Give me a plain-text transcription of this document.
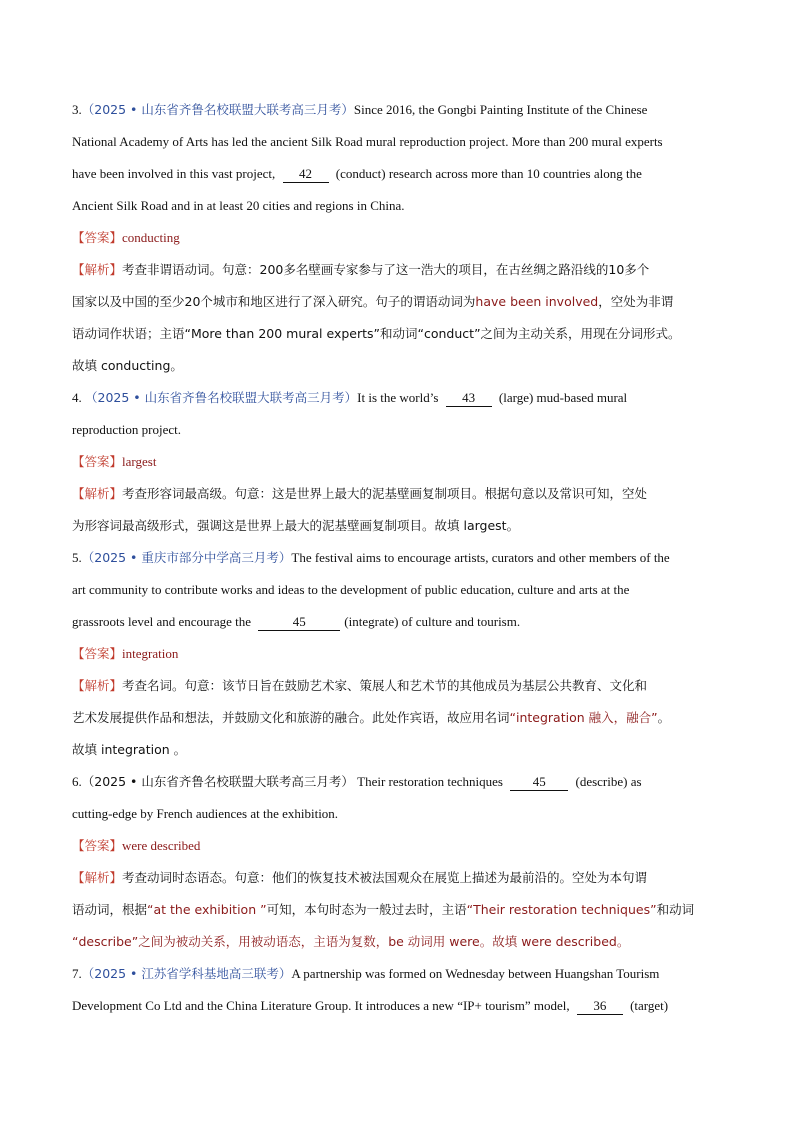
3.（2025 • 山东省齐鲁名校联盟大联考高三月考）Since 2016, the Gongbi Painting Institute of the Chinese
National Academy of Arts has led the ancient Silk Road mural reproduction project. More than 200 mural experts
have been involved in this vast project, 42 (conduct) research across more than 10 countries along the
Ancient Silk Road and in at least 20 cities and regions in China.
【答案】conducting
【解析】考查非谓语动词。句意：200多名壁画专家参与了这一浩大的项目，在古丝绸之路沿线的10多个
国家以及中国的至少20个城市和地区进行了深入研究。句子的谓语动词为have been involved，空处为非谓
语动词作状语；主语“More than 200 mural experts”和动词“conduct”之间为主动关系，用现在分词形式。
故填 conducting。
4. （2025 • 山东省齐鲁名校联盟大联考高三月考）It is the world’s 43 (large) mud-based mural
reproduction project.
【答案】largest
【解析】考查形容词最高级。句意：这是世界上最大的泥基壁画复制项目。根据句意以及常识可知，空处
为形容词最高级形式，强调这是世界上最大的泥基壁画复制项目。故填 largest。
5.（2025 • 重庆市部分中学高三月考）The festival aims to encourage artists, curators and other members of the
art community to contribute works and ideas to the development of public education, culture and arts at the
grassroots level and encourage the	45	(integrate) of culture and tourism.
【答案】integration
【解析】考查名词。句意：该节日旨在鼓励艺术家、策展人和艺术节的其他成员为基层公共教育、文化和
艺术发展提供作品和想法，并鼓励文化和旅游的融合。此处作宾语，故应用名词“integration 融入，融合”。
故填 integration 。
6.（2025 • 山东省齐鲁名校联盟大联考高三月考） Their restoration techniques 45 (describe) as
cutting-edge by French audiences at the exhibition.
【答案】were described
【解析】考查动词时态语态。句意：他们的恢复技术被法国观众在展览上描述为最前沿的。空处为本句谓
语动词，根据“at the exhibition ”可知，本句时态为一般过去时，主语“Their restoration techniques”和动词
“describe”之间为被动关系，用被动语态，主语为复数，be 动词用 were。故填 were described。
7.（2025 • 江苏省学科基地高三联考）A partnership was formed on Wednesday between Huangshan Tourism
Development Co Ltd and the China Literature Group. It introduces a new “IP+ tourism” model, 36 (target)
